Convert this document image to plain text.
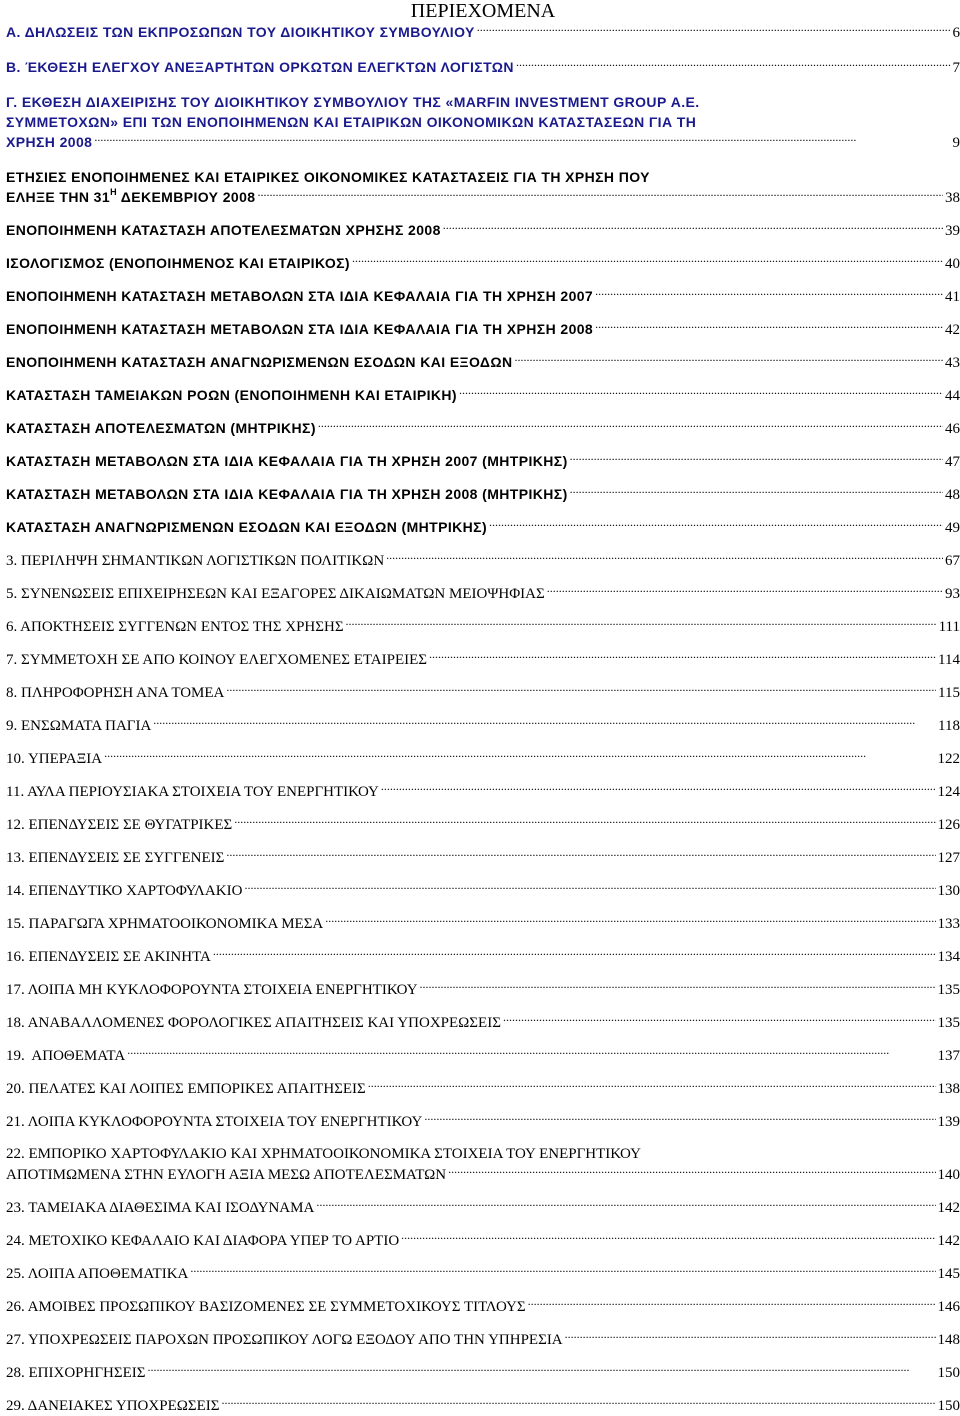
ΠΕΡΙΕΧΟΜΕΝΑ
Α. ΔΗΛΩΣΕΙΣ ΤΩΝ ΕΚΠΡΟΣΩΠΩΝ ΤΟΥ ΔΙΟΙΚΗΤΙΚΟΥ ΣΥΜΒΟΥΛΙΟΥ .....	6
Β. ΈΚΘΕΣΗ ΕΛΕΓΧΟΥ ΑΝΕΞΑΡΤΗΤΩΝ ΟΡΚΩΤΩΝ ΕΛΕΓΚΤΩΝ ΛΟΓΙΣΤΩΝ .....	7
Γ. ΕΚΘΕΣΗ ΔΙΑΧΕΙΡΙΣΗΣ ΤΟΥ ΔΙΟΙΚΗΤΙΚΟΥ ΣΥΜΒΟΥΛΙΟΥ ΤΗΣ «MARFIN INVESTMENT GROUP Α.Ε.
ΣΥΜΜΕΤΟΧΩΝ» ΕΠΙ ΤΩΝ ΕΝΟΠΟΙΗΜΕΝΩΝ ΚΑΙ ΕΤΑΙΡΙΚΩΝ ΟΙΚΟΝΟΜΙΚΩΝ ΚΑΤΑΣΤΑΣΕΩΝ ΓΙΑ ΤΗ
ΧΡΗΣΗ 2008 .....	9
ΕΤΗΣΙΕΣ ΕΝΟΠΟΙΗΜΕΝΕΣ ΚΑΙ ΕΤΑΙΡΙΚΕΣ ΟΙΚΟΝΟΜΙΚΕΣ ΚΑΤΑΣΤΑΣΕΙΣ ΓΙΑ ΤΗ ΧΡΗΣΗ ΠΟΥ
ΕΛΗΞΕ ΤΗΝ $31^H$ ΔΕΚΕΜΒΡΙΟΥ 2008 .....	38
ΕΝΟΠΟΙΗΜΕΝΗ ΚΑΤΑΣΤΑΣΗ ΑΠΟΤΕΛΕΣΜΑΤΩΝ ΧΡΗΣΗΣ 2008 .....	39
ΙΣΟΛΟΓΙΣΜΟΣ (ΕΝΟΠΟΙΗΜΕΝΟΣ ΚΑΙ ΕΤΑΙΡΙΚΟΣ) .....	40
ΕΝΟΠΟΙΗΜΕΝΗ ΚΑΤΑΣΤΑΣΗ ΜΕΤΑΒΟΛΩΝ ΣΤΑ ΙΔΙΑ ΚΕΦΑΛΑΙΑ ΓΙΑ ΤΗ ΧΡΗΣΗ 2007 .....	41
ΕΝΟΠΟΙΗΜΕΝΗ ΚΑΤΑΣΤΑΣΗ ΜΕΤΑΒΟΛΩΝ ΣΤΑ ΙΔΙΑ ΚΕΦΑΛΑΙΑ ΓΙΑ ΤΗ ΧΡΗΣΗ 2008 .....	42
ΕΝΟΠΟΙΗΜΕΝΗ ΚΑΤΑΣΤΑΣΗ ΑΝΑΓΝΩΡΙΣΜΕΝΩΝ ΕΣΟΔΩΝ ΚΑΙ ΕΞΟΔΩΝ .....	43
ΚΑΤΑΣΤΑΣΗ ΤΑΜΕΙΑΚΩΝ ΡΟΩΝ (ΕΝΟΠΟΙΗΜΕΝΗ ΚΑΙ ΕΤΑΙΡΙΚΗ) .....	44
ΚΑΤΑΣΤΑΣΗ ΑΠΟΤΕΛΕΣΜΑΤΩΝ (ΜΗΤΡΙΚΗΣ) .....	46
ΚΑΤΑΣΤΑΣΗ ΜΕΤΑΒΟΛΩΝ ΣΤΑ ΙΔΙΑ ΚΕΦΑΛΑΙΑ ΓΙΑ ΤΗ ΧΡΗΣΗ 2007 (ΜΗΤΡΙΚΗΣ) .....	47
ΚΑΤΑΣΤΑΣΗ ΜΕΤΑΒΟΛΩΝ ΣΤΑ ΙΔΙΑ ΚΕΦΑΛΑΙΑ ΓΙΑ ΤΗ ΧΡΗΣΗ 2008 (ΜΗΤΡΙΚΗΣ) .....	48
ΚΑΤΑΣΤΑΣΗ ΑΝΑΓΝΩΡΙΣΜΕΝΩΝ ΕΣΟΔΩΝ ΚΑΙ ΕΞΟΔΩΝ (ΜΗΤΡΙΚΗΣ) .....	49
3. ΠΕΡΙΛΗΨΗ ΣΗΜΑΝΤΙΚΩΝ ΛΟΓΙΣΤΙΚΩΝ ΠΟΛΙΤΙΚΩΝ .....	67
5. ΣΥΝΕΝΩΣΕΙΣ ΕΠΙΧΕΙΡΗΣΕΩΝ ΚΑΙ ΕΞΑΓΟΡΕΣ ΔΙΚΑΙΩΜΑΤΩΝ ΜΕΙΟΨΗΦΙΑΣ .....	93
6. ΑΠΟΚΤΗΣΕΙΣ ΣΥΓΓΕΝΩΝ ΕΝΤΟΣ ΤΗΣ ΧΡΗΣΗΣ .....	111
7. ΣΥΜΜΕΤΟΧΗ ΣΕ ΑΠΟ ΚΟΙΝΟΥ ΕΛΕΓΧΟΜΕΝΕΣ ΕΤΑΙΡΕΙΕΣ .....	114
8. ΠΛΗΡΟΦΟΡΗΣΗ ΑΝΑ ΤΟΜΕΑ .....	115
9. ΕΝΣΩΜΑΤΑ ΠΑΓΙΑ .....	118
10. ΥΠΕΡΑΞΙΑ .....	122
11. ΑΥΛΑ ΠΕΡΙΟΥΣΙΑΚΑ ΣΤΟΙΧΕΙΑ ΤΟΥ ΕΝΕΡΓΗΤΙΚΟΥ .....	124
12. ΕΠΕΝΔΥΣΕΙΣ ΣΕ ΘΥΓΑΤΡΙΚΕΣ .....	126
13. ΕΠΕΝΔΥΣΕΙΣ ΣΕ ΣΥΓΓΕΝΕΙΣ .....	127
14. ΕΠΕΝΔΥΤΙΚΟ ΧΑΡΤΟΦΥΛΑΚΙΟ .....	130
15. ΠΑΡΑΓΩΓΑ ΧΡΗΜΑΤΟΟΙΚΟΝΟΜΙΚΑ ΜΕΣΑ .....	133
16. ΕΠΕΝΔΥΣΕΙΣ ΣΕ ΑΚΙΝΗΤΑ .....	134
17. ΛΟΙΠΑ ΜΗ ΚΥΚΛΟΦΟΡΟΥΝΤΑ ΣΤΟΙΧΕΙΑ ΕΝΕΡΓΗΤΙΚΟΥ .....	135
18. ΑΝΑΒΑΛΛΟΜΕΝΕΣ ΦΟΡΟΛΟΓΙΚΕΣ ΑΠΑΙΤΗΣΕΙΣ ΚΑΙ ΥΠΟΧΡΕΩΣΕΙΣ .....	135
19.  ΑΠΟΘΕΜΑΤΑ .....	137
20. ΠΕΛΑΤΕΣ ΚΑΙ ΛΟΙΠΕΣ ΕΜΠΟΡΙΚΕΣ ΑΠΑΙΤΗΣΕΙΣ .....	138
21. ΛΟΙΠΑ ΚΥΚΛΟΦΟΡΟΥΝΤΑ ΣΤΟΙΧΕΙΑ ΤΟΥ ΕΝΕΡΓΗΤΙΚΟΥ .....	139
22. ΕΜΠΟΡΙΚΟ ΧΑΡΤΟΦΥΛΑΚΙΟ ΚΑΙ ΧΡΗΜΑΤΟΟΙΚΟΝΟΜΙΚΑ ΣΤΟΙΧΕΙΑ ΤΟΥ ΕΝΕΡΓΗΤΙΚΟΥ
ΑΠΟΤΙΜΩΜΕΝΑ ΣΤΗΝ ΕΥΛΟΓΗ ΑΞΙΑ ΜΕΣΩ ΑΠΟΤΕΛΕΣΜΑΤΩΝ .....	140
23. ΤΑΜΕΙΑΚΑ ΔΙΑΘΕΣΙΜΑ ΚΑΙ ΙΣΟΔΥΝΑΜΑ .....	142
24. ΜΕΤΟΧΙΚΟ ΚΕΦΑΛΑΙΟ ΚΑΙ ΔΙΑΦΟΡΑ ΥΠΕΡ ΤΟ ΑΡΤΙΟ .....	142
25. ΛΟΙΠΑ ΑΠΟΘΕΜΑΤΙΚΑ .....	145
26. ΑΜΟΙΒΕΣ ΠΡΟΣΩΠΙΚΟΥ ΒΑΣΙΖΟΜΕΝΕΣ ΣΕ ΣΥΜΜΕΤΟΧΙΚΟΥΣ ΤΙΤΛΟΥΣ .....	146
27. ΥΠΟΧΡΕΩΣΕΙΣ ΠΑΡΟΧΩΝ ΠΡΟΣΩΠΙΚΟΥ ΛΟΓΩ ΕΞΟΔΟΥ ΑΠΟ ΤΗΝ ΥΠΗΡΕΣΙΑ .....	148
28. ΕΠΙΧΟΡΗΓΗΣΕΙΣ .....	150
29. ΔΑΝΕΙΑΚΕΣ ΥΠΟΧΡΕΩΣΕΙΣ .....	150
